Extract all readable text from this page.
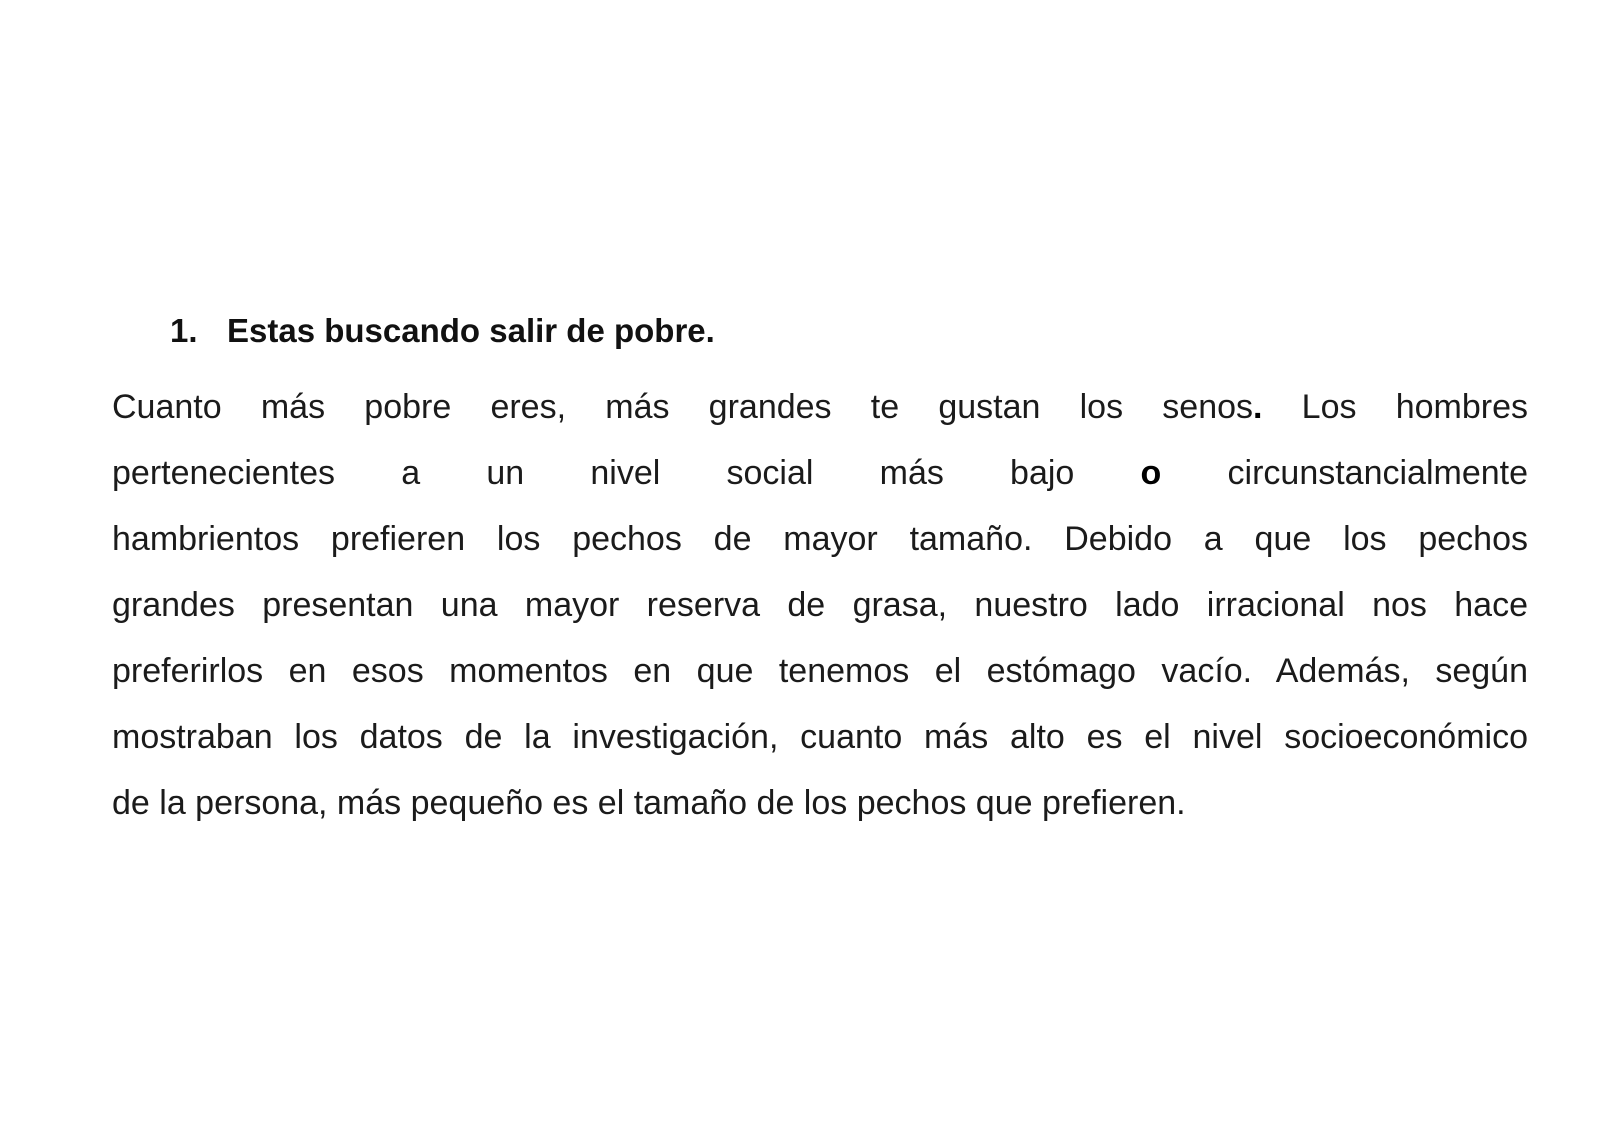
1. Estas buscando salir de pobre.
Cuanto más pobre eres, más grandes te gustan los senos. Los hombres
pertenecientes a un nivel social más bajo o circunstancialmente
hambrientos prefieren los pechos de mayor tamaño. Debido a que los pechos
grandes presentan una mayor reserva de grasa, nuestro lado irracional nos hace
preferirlos en esos momentos en que tenemos el estómago vacío. Además, según
mostraban los datos de la investigación, cuanto más alto es el nivel socioeconómico
de la persona, más pequeño es el tamaño de los pechos que prefieren.
